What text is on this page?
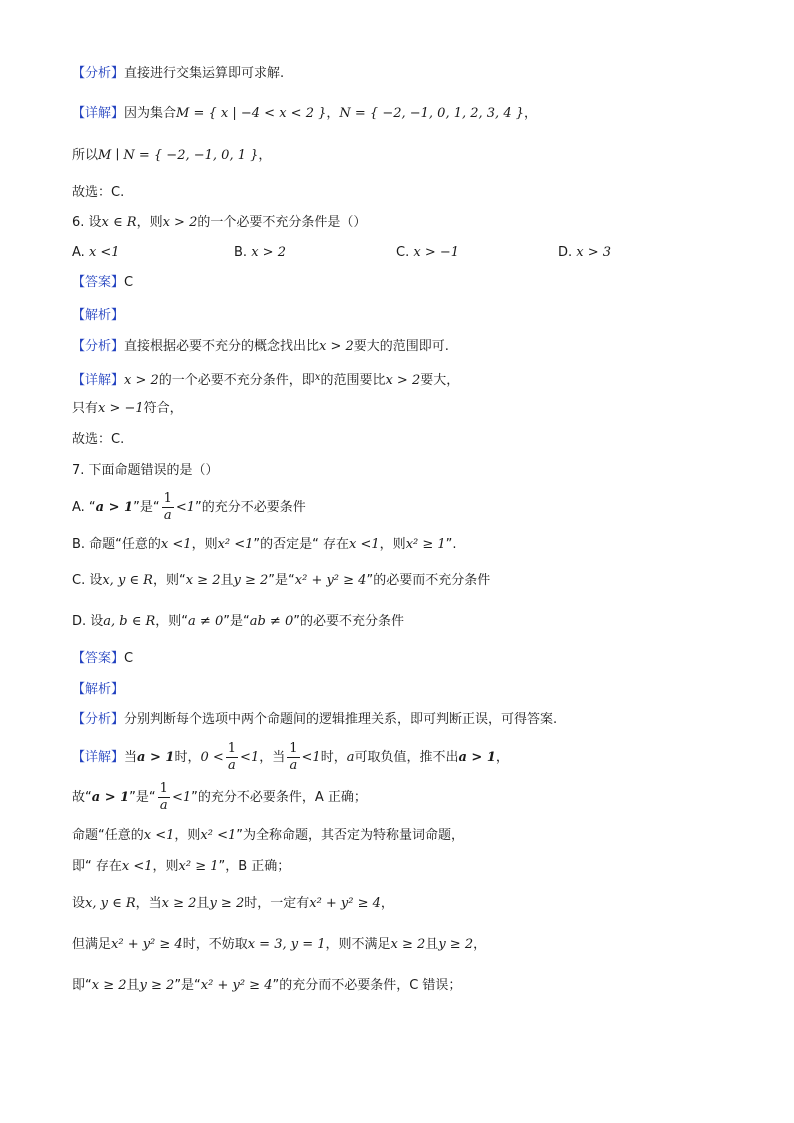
【分析】直接进行交集运算即可求解.
【详解】因为集合M = { x | −4 < x < 2 }，N = { −2, −1, 0, 1, 2, 3, 4 }，
所以M ∣ N = { −2, −1, 0, 1 }，
故选：C.
6. 设x ∈ R，则x > 2的一个必要不充分条件是（）
A. x <1	B. x > 2	C. x > −1	D. x > 3
【答案】C
【解析】
【分析】直接根据必要不充分的概念找出比x > 2要大的范围即可.
【详解】x > 2的一个必要不充分条件，即$^x$的范围要比x > 2要大，
只有x > −1符合，
故选：C.
7. 下面命题错误的是（）
A. “a > 1”是“ $\frac{1}{a} <1$”的充分不必要条件
B. 命题“任意的x <1，则x² <1”的否定是“ 存在x <1，则x² ≥ 1”.
C. 设x, y ∈ R，则“x ≥ 2且y ≥ 2”是“x² + y² ≥ 4”的必要而不充分条件
D. 设a, b ∈ R，则“a ≠ 0”是“ab ≠ 0”的必要不充分条件
【答案】C
【解析】
【分析】分别判断每个选项中两个命题间的逻辑推理关系，即可判断正误，可得答案.
【详解】当a > 1时，$0 < \frac{1}{a} <1$，当 $\frac{1}{a} <1$时，a可取负值，推不出a > 1，
故“a > 1”是“ $\frac{1}{a} <1$”的充分不必要条件，A 正确；
命题“任意的x <1，则x² <1”为全称命题，其否定为特称量词命题，
即“ 存在x <1，则x² ≥ 1”，B 正确；
设x, y ∈ R，当x ≥ 2且y ≥ 2时，一定有x² + y² ≥ 4，
但满足x² + y² ≥ 4时，不妨取x = 3, y = 1，则不满足x ≥ 2且y ≥ 2，
即“x ≥ 2且y ≥ 2”是“x² + y² ≥ 4”的充分而不必要条件，C 错误；
